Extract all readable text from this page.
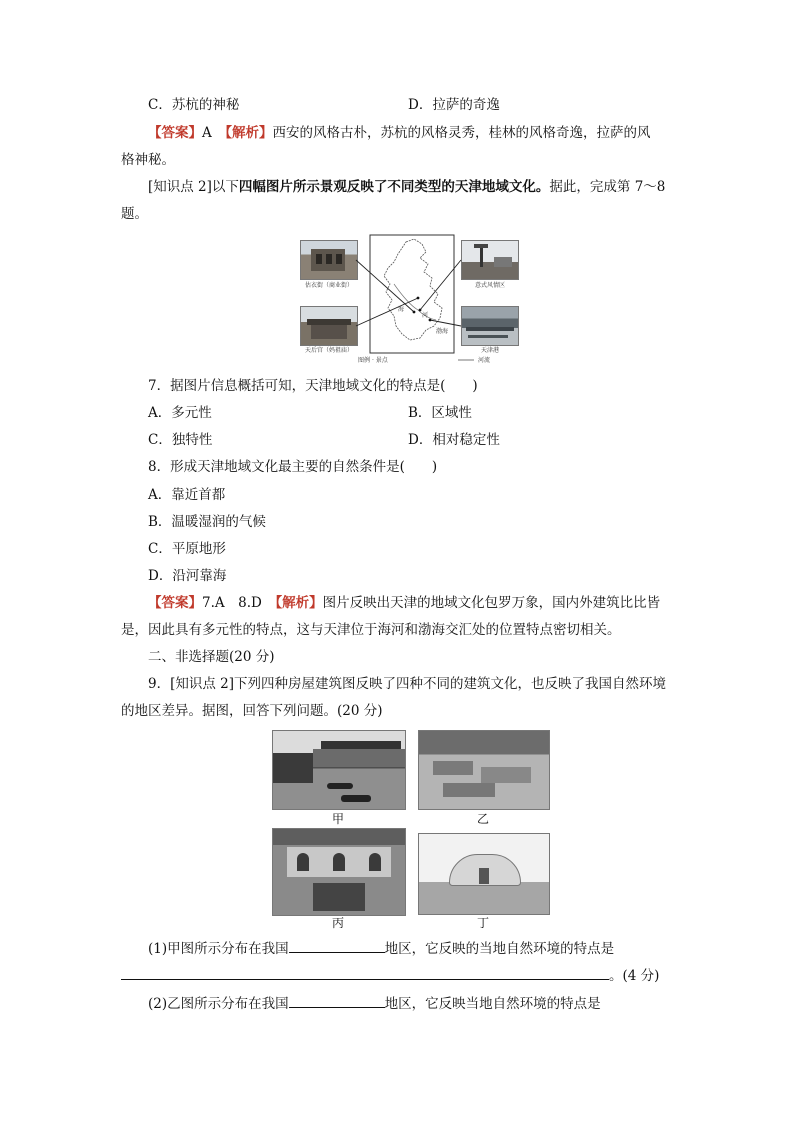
C．苏杭的神秘	D．拉萨的奇逸
【答案】A　 【解析】西安的风格古朴，苏杭的风格灵秀，桂林的风格奇逸，拉萨的风
格神秘。
[知识点 2]以下四幅图片所示景观反映了不同类型的天津地域文化。据此，完成第 7～8
题。
估衣街（商业街）
天后宫（妈祖庙）
意式风情区
天津港
海
河
渤海
图例 · 景点	河流
7．据图片信息概括可知，天津地域文化的特点是(　　)
A．多元性	B．区域性
C．独特性	D．相对稳定性
8．形成天津地域文化最主要的自然条件是(　　)
A．靠近首都
B．温暖湿润的气候
C．平原地形
D．沿河靠海
【答案】7.A　8.D　 【解析】图片反映出天津的地域文化包罗万象，国内外建筑比比皆
是，因此具有多元性的特点，这与天津位于海河和渤海交汇处的位置特点密切相关。
二、非选择题(20 分)
9．[知识点 2]下列四种房屋建筑图反映了四种不同的建筑文化，也反映了我国自然环境
的地区差异。据图，回答下列问题。(20 分)
甲	乙
丙	丁
(1)甲图所示分布在我国	地区，它反映的当地自然环境的特点是
。(4 分)
(2)乙图所示分布在我国	地区，它反映当地自然环境的特点是
